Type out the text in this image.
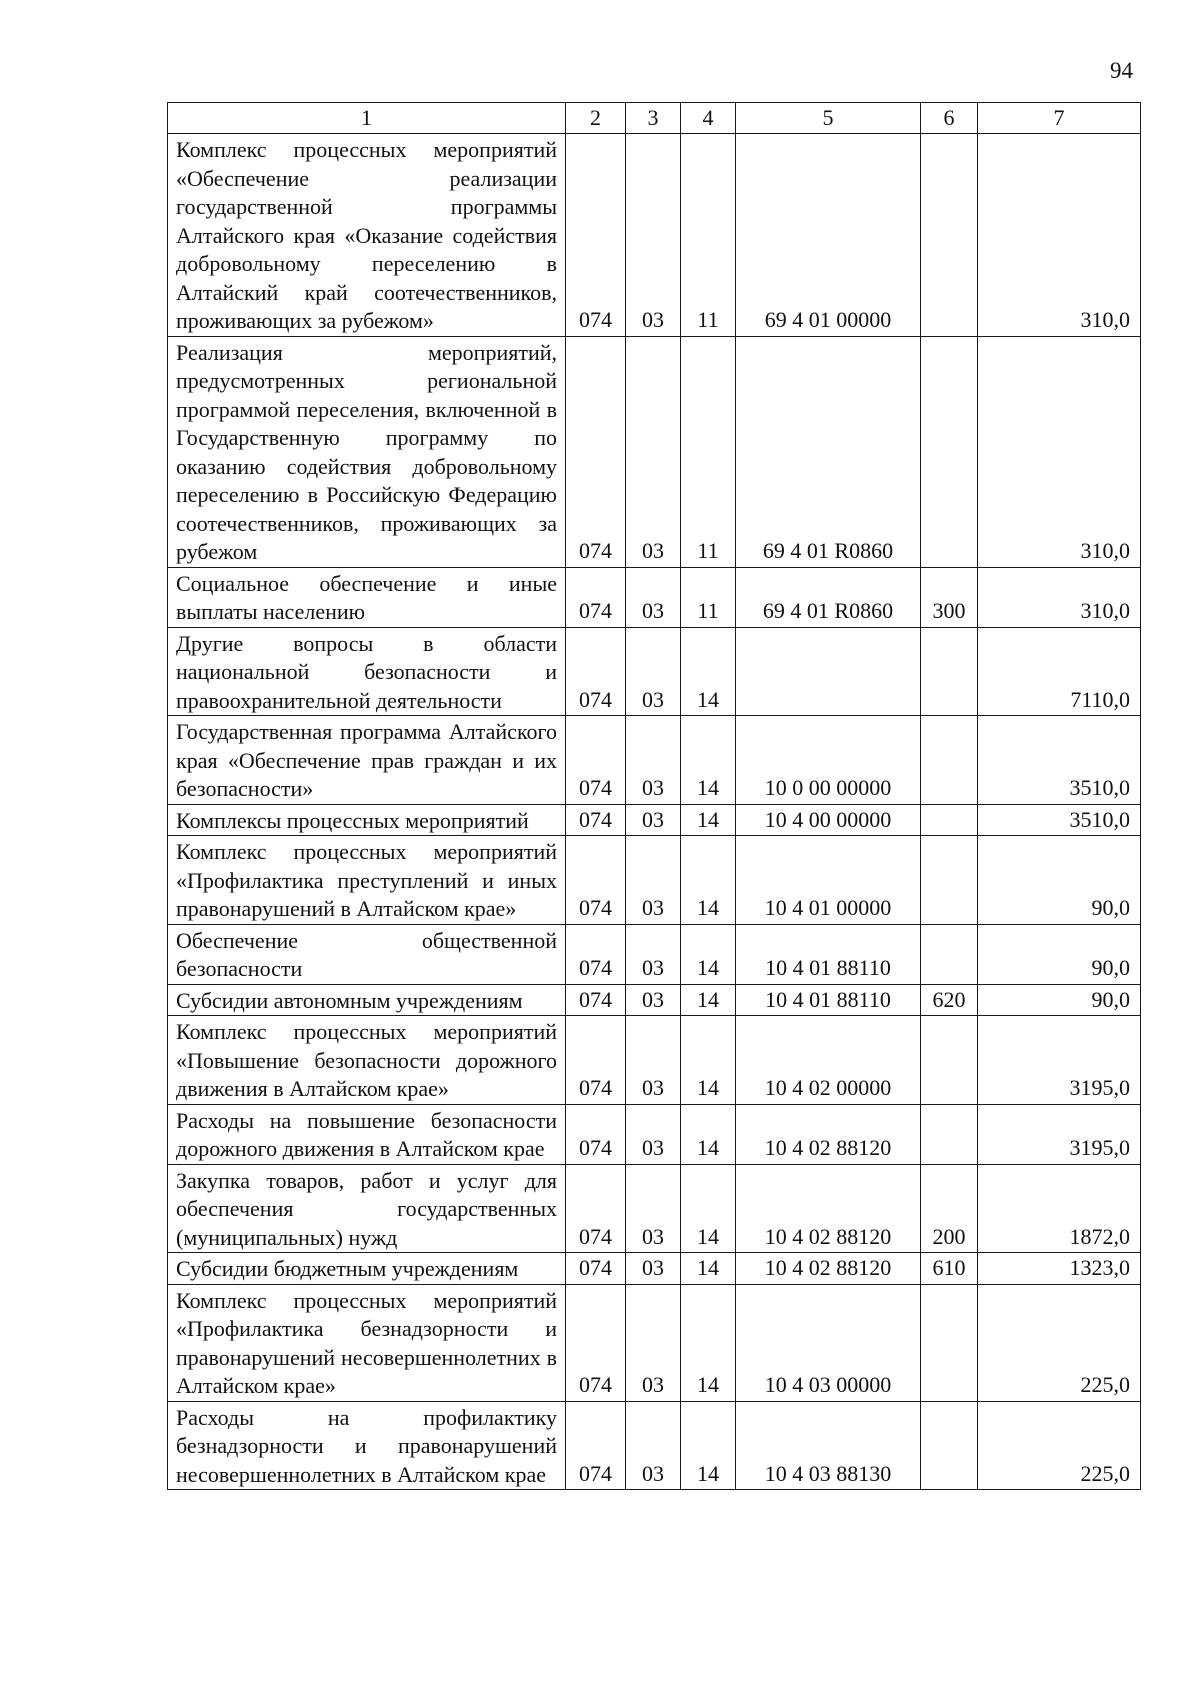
94
1	2	3	4	5	6	7
Комплекс процессных мероприятий «Обеспечение реализации государственной программы Алтайского края «Оказание содействия добровольному переселению в Алтайский край соотечественников, проживающих за рубежом»	074	03	11	69 4 01 00000		310,0
Реализация мероприятий, предусмотренных региональной программой переселения, включенной в Государственную программу по оказанию содействия добровольному переселению в Российскую Федерацию соотечественников, проживающих за рубежом	074	03	11	69 4 01 R0860		310,0
Социальное обеспечение и иные выплаты населению	074	03	11	69 4 01 R0860	300	310,0
Другие вопросы в области национальной безопасности и правоохранительной деятельности	074	03	14			7110,0
Государственная программа Алтайского края «Обеспечение прав граждан и их безопасности»	074	03	14	10 0 00 00000		3510,0
Комплексы процессных мероприятий	074	03	14	10 4 00 00000		3510,0
Комплекс процессных мероприятий «Профилактика преступлений и иных правонарушений в Алтайском крае»	074	03	14	10 4 01 00000		90,0
Обеспечение общественной безопасности	074	03	14	10 4 01 88110		90,0
Субсидии автономным учреждениям	074	03	14	10 4 01 88110	620	90,0
Комплекс процессных мероприятий «Повышение безопасности дорожного движения в Алтайском крае»	074	03	14	10 4 02 00000		3195,0
Расходы на повышение безопасности дорожного движения в Алтайском крае	074	03	14	10 4 02 88120		3195,0
Закупка товаров, работ и услуг для обеспечения государственных (муниципальных) нужд	074	03	14	10 4 02 88120	200	1872,0
Субсидии бюджетным учреждениям	074	03	14	10 4 02 88120	610	1323,0
Комплекс процессных мероприятий «Профилактика безнадзорности и правонарушений несовершеннолетних в Алтайском крае»	074	03	14	10 4 03 00000		225,0
Расходы на профилактику безнадзорности и правонарушений несовершеннолетних в Алтайском крае	074	03	14	10 4 03 88130		225,0
